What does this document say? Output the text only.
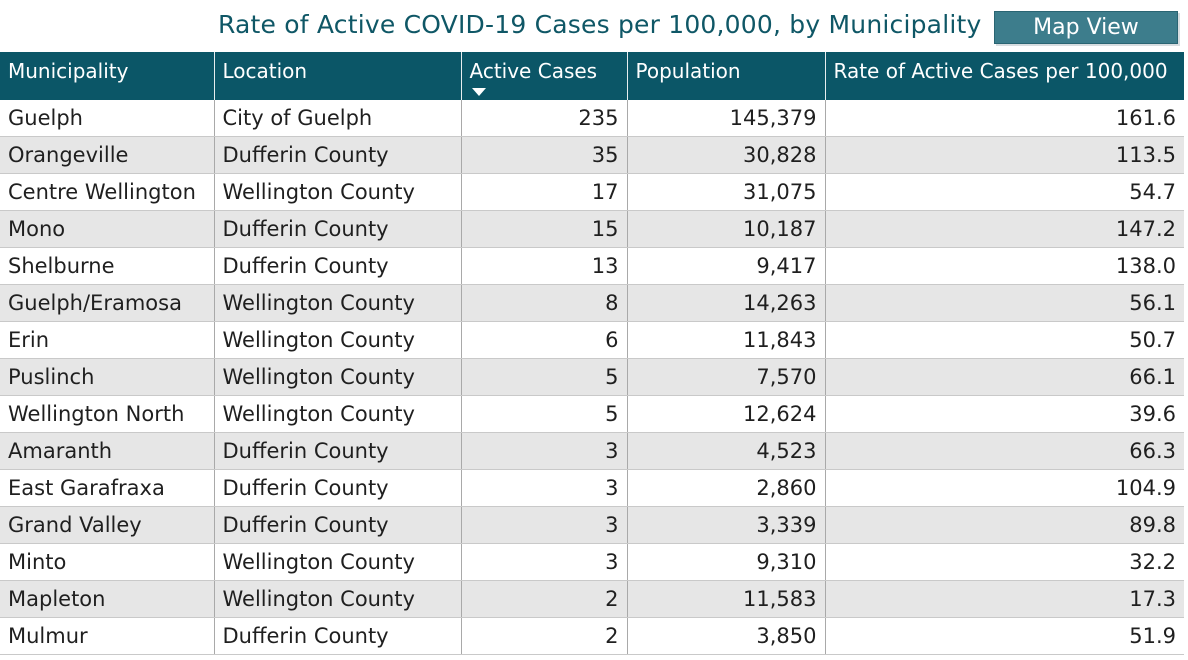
Rate of Active COVID-19 Cases per 100,000, by Municipality	Map View
Municipality	Location	Active Cases	Population	Rate of Active Cases per 100,000
Guelph	City of Guelph	235	145,379	161.6
Orangeville	Dufferin County	35	30,828	113.5
Centre Wellington	Wellington County	17	31,075	54.7
Mono	Dufferin County	15	10,187	147.2
Shelburne	Dufferin County	13	9,417	138.0
Guelph/Eramosa	Wellington County	8	14,263	56.1
Erin	Wellington County	6	11,843	50.7
Puslinch	Wellington County	5	7,570	66.1
Wellington North	Wellington County	5	12,624	39.6
Amaranth	Dufferin County	3	4,523	66.3
East Garafraxa	Dufferin County	3	2,860	104.9
Grand Valley	Dufferin County	3	3,339	89.8
Minto	Wellington County	3	9,310	32.2
Mapleton	Wellington County	2	11,583	17.3
Mulmur	Dufferin County	2	3,850	51.9
